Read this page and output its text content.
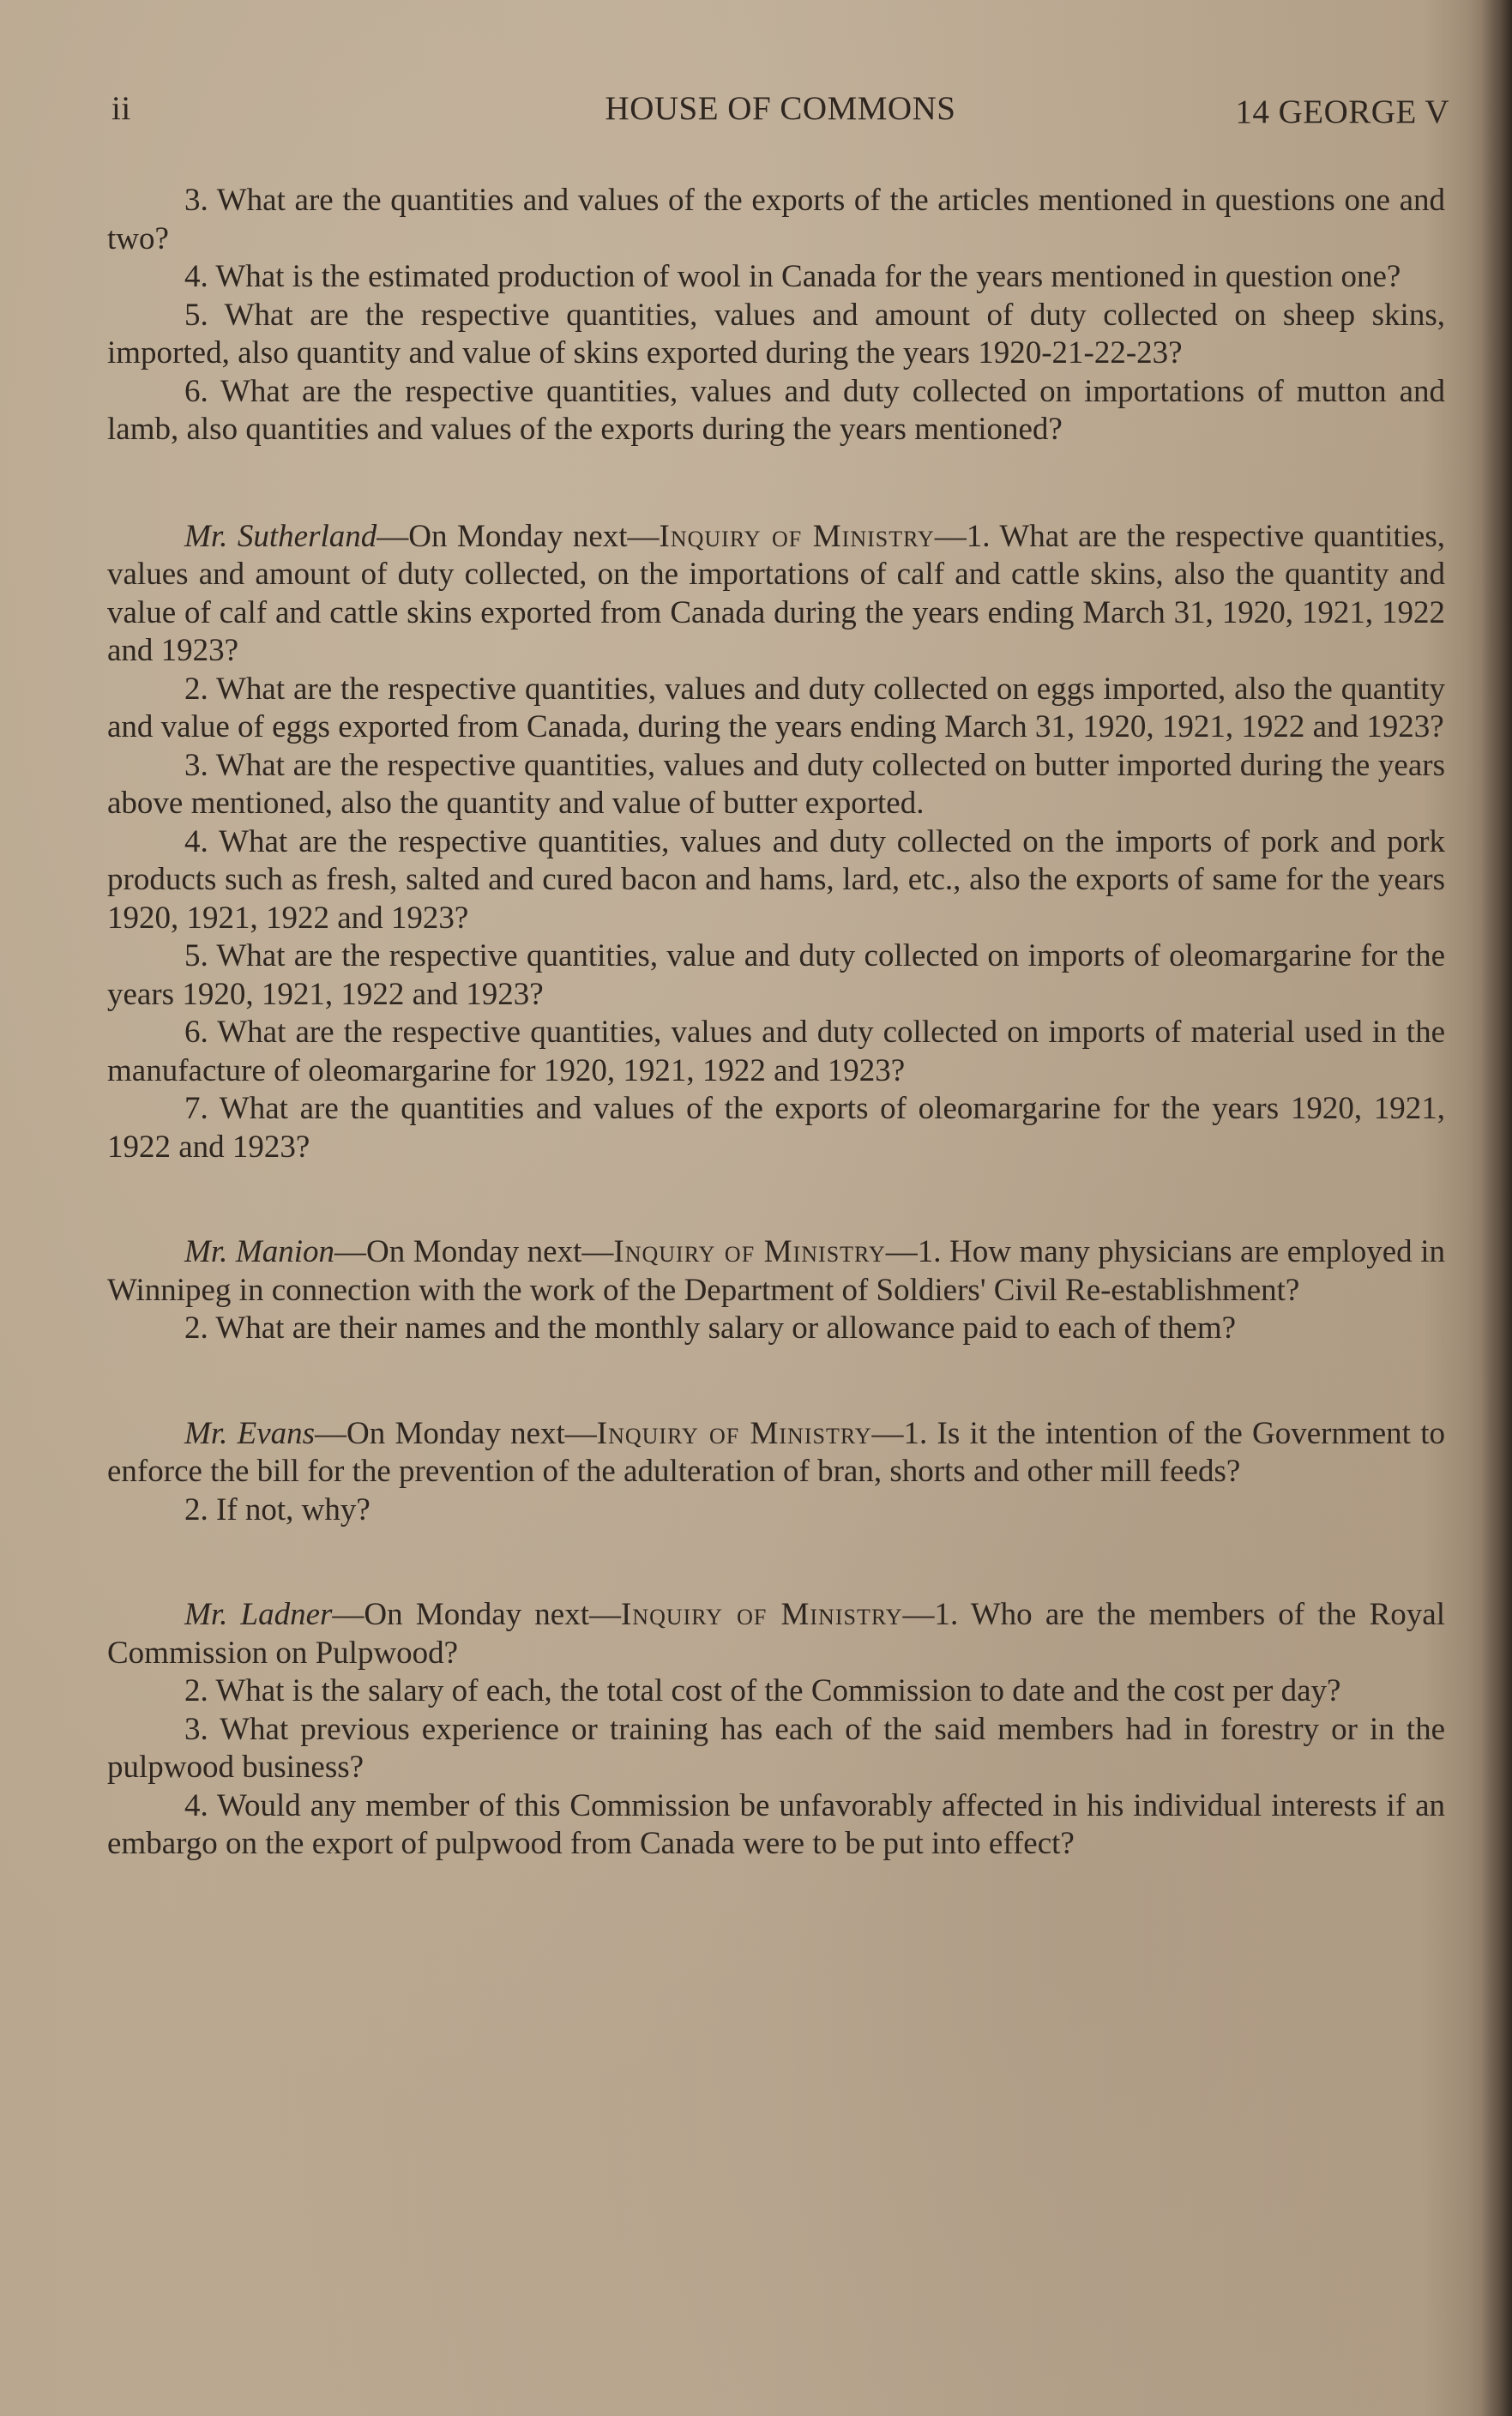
ii	HOUSE OF COMMONS	14 GEORGE V

3. What are the quantities and values of the exports of the articles mentioned in questions one and two?

4. What is the estimated production of wool in Canada for the years mentioned in question one?

5. What are the respective quantities, values and amount of duty collected on sheep skins, imported, also quantity and value of skins exported during the years 1920-21-22-23?

6. What are the respective quantities, values and duty collected on importations of mutton and lamb, also quantities and values of the exports during the years mentioned?

Mr. Sutherland—On Monday next—Inquiry of Ministry—1. What are the respective quantities, values and amount of duty collected, on the importations of calf and cattle skins, also the quantity and value of calf and cattle skins exported from Canada during the years ending March 31, 1920, 1921, 1922 and 1923?

2. What are the respective quantities, values and duty collected on eggs imported, also the quantity and value of eggs exported from Canada, during the years ending March 31, 1920, 1921, 1922 and 1923?

3. What are the respective quantities, values and duty collected on butter imported during the years above mentioned, also the quantity and value of butter exported.

4. What are the respective quantities, values and duty collected on the imports of pork and pork products such as fresh, salted and cured bacon and hams, lard, etc., also the exports of same for the years 1920, 1921, 1922 and 1923?

5. What are the respective quantities, value and duty collected on imports of oleomargarine for the years 1920, 1921, 1922 and 1923?

6. What are the respective quantities, values and duty collected on imports of material used in the manufacture of oleomargarine for 1920, 1921, 1922 and 1923?

7. What are the quantities and values of the exports of oleomargarine for the years 1920, 1921, 1922 and 1923?

Mr. Manion—On Monday next—Inquiry of Ministry—1. How many physicians are employed in Winnipeg in connection with the work of the Department of Soldiers' Civil Re-establishment?

2. What are their names and the monthly salary or allowance paid to each of them?

Mr. Evans—On Monday next—Inquiry of Ministry—1. Is it the intention of the Government to enforce the bill for the prevention of the adulteration of bran, shorts and other mill feeds?

2. If not, why?

Mr. Ladner—On Monday next—Inquiry of Ministry—1. Who are the members of the Royal Commission on Pulpwood?

2. What is the salary of each, the total cost of the Commission to date and the cost per day?

3. What previous experience or training has each of the said members had in forestry or in the pulpwood business?

4. Would any member of this Commission be unfavorably affected in his individual interests if an embargo on the export of pulpwood from Canada were to be put into effect?
